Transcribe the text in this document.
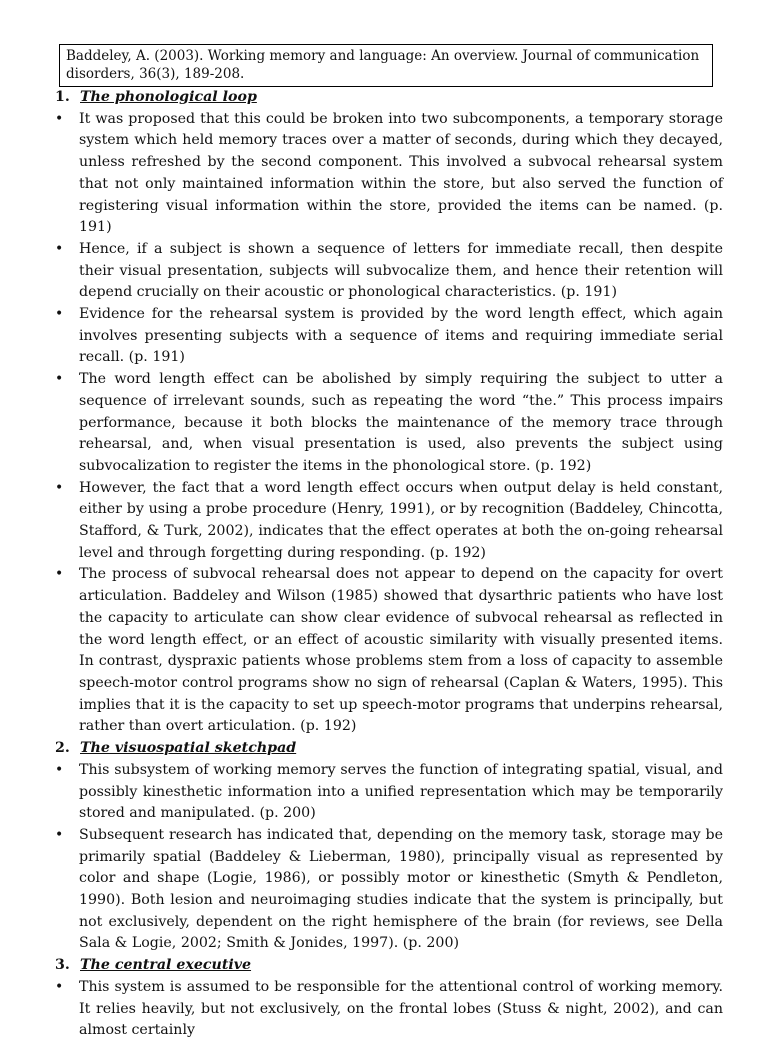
Baddeley, A. (2003). Working memory and language: An overview. Journal of communication disorders, 36(3), 189-208.
1. The phonological loop
•	It was proposed that this could be broken into two subcomponents, a temporary storage system which held memory traces over a matter of seconds, during which they decayed, unless refreshed by the second component. This involved a subvocal rehearsal system that not only maintained information within the store, but also served the function of registering visual information within the store, provided the items can be named. (p. 191)
•	Hence, if a subject is shown a sequence of letters for immediate recall, then despite their visual presentation, subjects will subvocalize them, and hence their retention will depend crucially on their acoustic or phonological characteristics. (p. 191)
•	Evidence for the rehearsal system is provided by the word length effect, which again involves presenting subjects with a sequence of items and requiring immediate serial recall. (p. 191)
•	The word length effect can be abolished by simply requiring the subject to utter a sequence of irrelevant sounds, such as repeating the word “the.” This process impairs performance, because it both blocks the maintenance of the memory trace through rehearsal, and, when visual presentation is used, also prevents the subject using subvocalization to register the items in the phonological store. (p. 192)
•	However, the fact that a word length effect occurs when output delay is held constant, either by using a probe procedure (Henry, 1991), or by recognition (Baddeley, Chincotta, Stafford, & Turk, 2002), indicates that the effect operates at both the on-going rehearsal level and through forgetting during responding. (p. 192)
•	The process of subvocal rehearsal does not appear to depend on the capacity for overt articulation. Baddeley and Wilson (1985) showed that dysarthric patients who have lost the capacity to articulate can show clear evidence of subvocal rehearsal as reflected in the word length effect, or an effect of acoustic similarity with visually presented items. In contrast, dyspraxic patients whose problems stem from a loss of capacity to assemble speech-motor control programs show no sign of rehearsal (Caplan & Waters, 1995). This implies that it is the capacity to set up speech-motor programs that underpins rehearsal, rather than overt articulation. (p. 192)
2. The visuospatial sketchpad
•	This subsystem of working memory serves the function of integrating spatial, visual, and possibly kinesthetic information into a unified representation which may be temporarily stored and manipulated. (p. 200)
•	Subsequent research has indicated that, depending on the memory task, storage may be primarily spatial (Baddeley & Lieberman, 1980), principally visual as represented by color and shape (Logie, 1986), or possibly motor or kinesthetic (Smyth & Pendleton, 1990). Both lesion and neuroimaging studies indicate that the system is principally, but not exclusively, dependent on the right hemisphere of the brain (for reviews, see Della Sala & Logie, 2002; Smith & Jonides, 1997). (p. 200)
3. The central executive
•	This system is assumed to be responsible for the attentional control of working memory. It relies heavily, but not exclusively, on the frontal lobes (Stuss & night, 2002), and can almost certainly
